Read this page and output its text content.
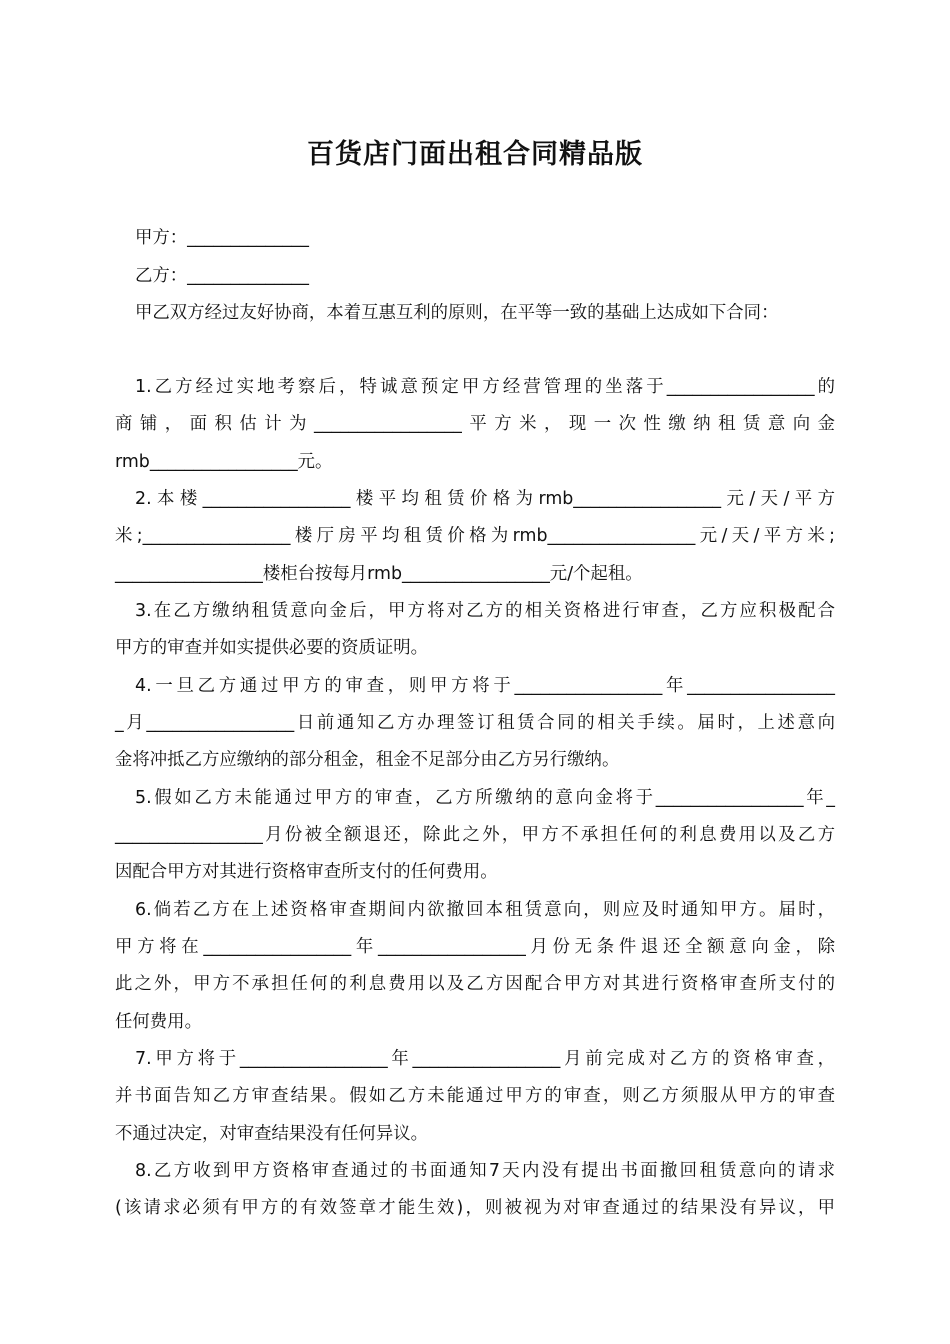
百货店门面出租合同精品版
甲方：______________
乙方：______________
甲乙双方经过友好协商，本着互惠互利的原则，在平等一致的基础上达成如下合同：
1.乙方经过实地考察后，特诚意预定甲方经营管理的坐落于_________________的
商铺，面积估计为_________________平方米，现一次性缴纳租赁意向金
rmb_________________元。
2.本楼_________________楼平均租赁价格为rmb_________________元/天/平方
米;_________________楼厅房平均租赁价格为rmb_________________元/天/平方米;
_________________楼柜台按每月rmb_________________元/个起租。
3.在乙方缴纳租赁意向金后，甲方将对乙方的相关资格进行审查，乙方应积极配合
甲方的审查并如实提供必要的资质证明。
4.一旦乙方通过甲方的审查，则甲方将于_________________年_________________
_月_________________日前通知乙方办理签订租赁合同的相关手续。届时，上述意向
金将冲抵乙方应缴纳的部分租金，租金不足部分由乙方另行缴纳。
5.假如乙方未能通过甲方的审查，乙方所缴纳的意向金将于_________________年_
_________________月份被全额退还，除此之外，甲方不承担任何的利息费用以及乙方
因配合甲方对其进行资格审查所支付的任何费用。
6.倘若乙方在上述资格审查期间内欲撤回本租赁意向，则应及时通知甲方。届时，
甲方将在_________________年_________________月份无条件退还全额意向金，除
此之外，甲方不承担任何的利息费用以及乙方因配合甲方对其进行资格审查所支付的
任何费用。
7.甲方将于_________________年_________________月前完成对乙方的资格审查，
并书面告知乙方审查结果。假如乙方未能通过甲方的审查，则乙方须服从甲方的审查
不通过决定，对审查结果没有任何异议。
8.乙方收到甲方资格审查通过的书面通知7天内没有提出书面撤回租赁意向的请求
(该请求必须有甲方的有效签章才能生效)，则被视为对审查通过的结果没有异议，甲
